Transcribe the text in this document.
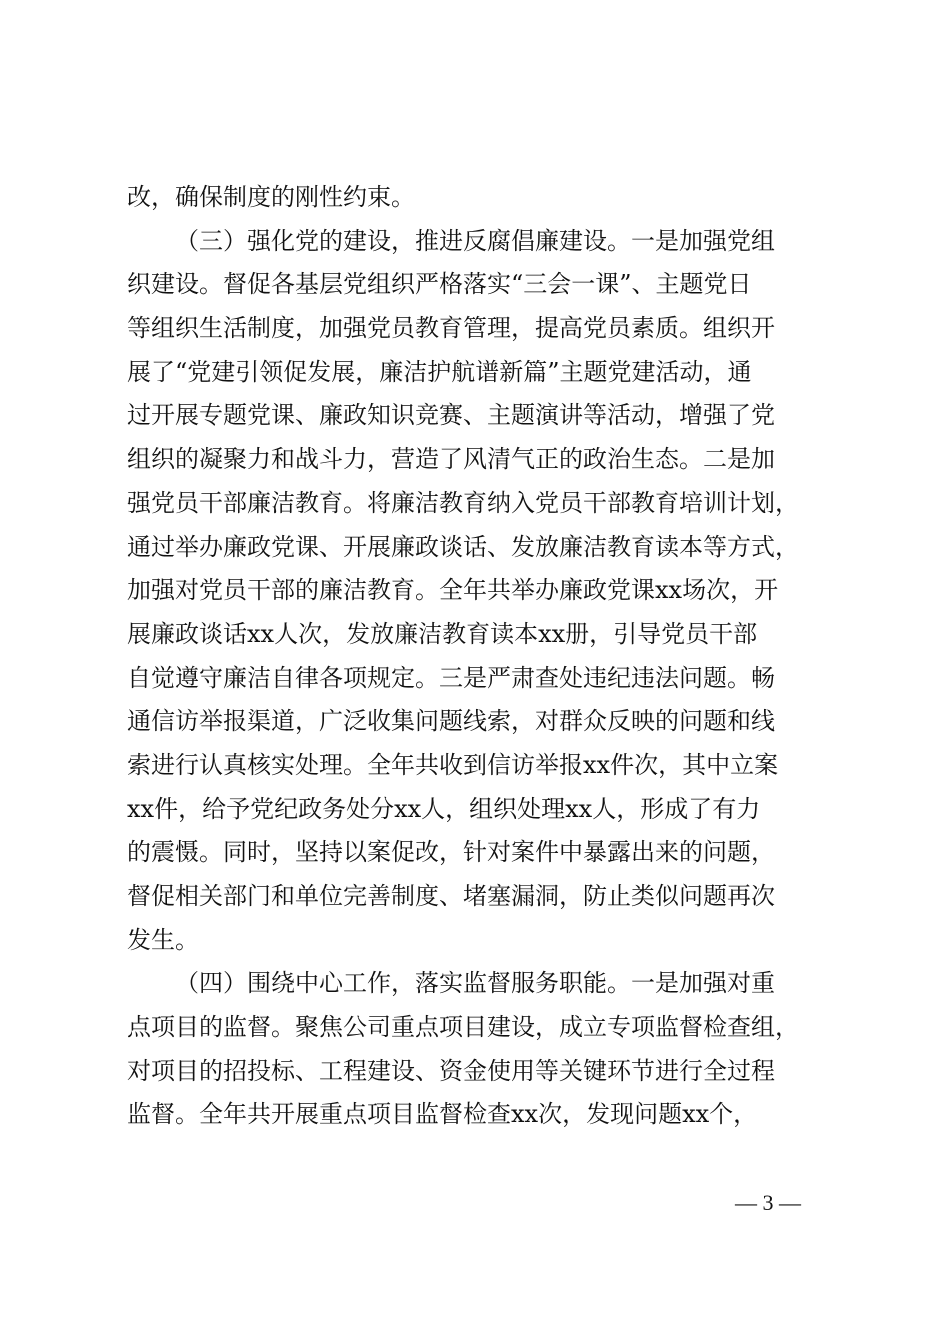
改，确保制度的刚性约束。
（三）强化党的建设，推进反腐倡廉建设。一是加强党组
织建设。督促各基层党组织严格落实“三会一课”、主题党日
等组织生活制度，加强党员教育管理，提高党员素质。组织开
展了“党建引领促发展，廉洁护航谱新篇”主题党建活动，通
过开展专题党课、廉政知识竞赛、主题演讲等活动，增强了党
组织的凝聚力和战斗力，营造了风清气正的政治生态。二是加
强党员干部廉洁教育。将廉洁教育纳入党员干部教育培训计划，
通过举办廉政党课、开展廉政谈话、发放廉洁教育读本等方式，
加强对党员干部的廉洁教育。全年共举办廉政党课xx场次，开
展廉政谈话xx人次，发放廉洁教育读本xx册，引导党员干部
自觉遵守廉洁自律各项规定。三是严肃查处违纪违法问题。畅
通信访举报渠道，广泛收集问题线索，对群众反映的问题和线
索进行认真核实处理。全年共收到信访举报xx件次，其中立案
xx件，给予党纪政务处分xx人，组织处理xx人，形成了有力
的震慑。同时，坚持以案促改，针对案件中暴露出来的问题，
督促相关部门和单位完善制度、堵塞漏洞，防止类似问题再次
发生。
（四）围绕中心工作，落实监督服务职能。一是加强对重
点项目的监督。聚焦公司重点项目建设，成立专项监督检查组，
对项目的招投标、工程建设、资金使用等关键环节进行全过程
监督。全年共开展重点项目监督检查xx次，发现问题xx个，
— 3 —
